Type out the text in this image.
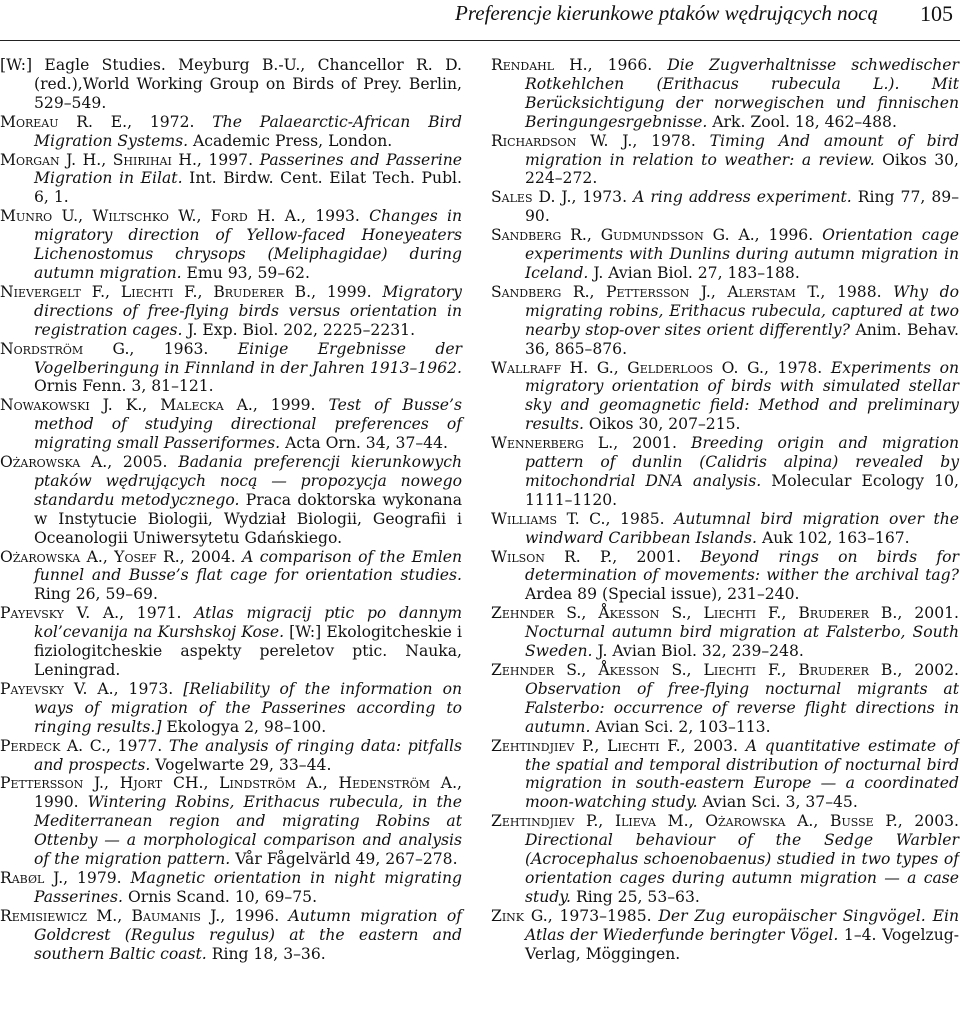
Preferencje kierunkowe ptaków wędrujących nocą 105

[W:] Eagle Studies. Meyburg B.-U., Chancellor R. D. (red.),World Working Group on Birds of Prey. Berlin, 529–549.

Moreau R. E., 1972. The Palaearctic-African Bird Migration Systems. Academic Press, London.

Morgan J. H., Shirihai H., 1997. Passerines and Passerine Migration in Eilat. Int. Birdw. Cent. Eilat Tech. Publ. 6, 1.

Munro U., Wiltschko W., Ford H. A., 1993. Changes in migratory direction of Yellow-faced Honeyeaters Lichenostomus chrysops (Meliphagidae) during autumn migration. Emu 93, 59–62.

Nievergelt F., Liechti F., Bruderer B., 1999. Migratory directions of free-flying birds versus orientation in registration cages. J. Exp. Biol. 202, 2225–2231.

Nordström G., 1963. Einige Ergebnisse der Vogelberingung in Finnland in der Jahren 1913–1962. Ornis Fenn. 3, 81–121.

Nowakowski J. K., Malecka A., 1999. Test of Busse’s method of studying directional preferences of migrating small Passeriformes. Acta Orn. 34, 37–44.

Ożarowska A., 2005. Badania preferencji kierunkowych ptaków wędrujących nocą — propozycja nowego standardu metodycznego. Praca doktorska wykonana w Instytucie Biologii, Wydział Biologii, Geografii i Oceanologii Uniwersytetu Gdańskiego.

Ożarowska A., Yosef R., 2004. A comparison of the Emlen funnel and Busse’s flat cage for orientation studies. Ring 26, 59–69.

Payevsky V. A., 1971. Atlas migracij ptic po dannym kol’cevanija na Kurshskoj Kose. [W:] Ekologitcheskie i fiziologitcheskie aspekty pereletov ptic. Nauka, Leningrad.

Payevsky V. A., 1973. [Reliability of the information on ways of migration of the Passerines according to ringing results.] Ekologya 2, 98–100.

Perdeck A. C., 1977. The analysis of ringing data: pitfalls and prospects. Vogelwarte 29, 33–44.

Pettersson J., Hjort CH., Lindström A., Hedenström A., 1990. Wintering Robins, Erithacus rubecula, in the Mediterranean region and migrating Robins at Ottenby — a morphological comparison and analysis of the migration pattern. Vår Fågelvärld 49, 267–278.

Rabøl J., 1979. Magnetic orientation in night migrating Passerines. Ornis Scand. 10, 69–75.

Remisiewicz M., Baumanis J., 1996. Autumn migration of Goldcrest (Regulus regulus) at the eastern and southern Baltic coast. Ring 18, 3–36.

Rendahl H., 1966. Die Zugverhaltnisse schwedischer Rotkehlchen (Erithacus rubecula L.). Mit Berücksichtigung der norwegischen und finnischen Beringungesrgebnisse. Ark. Zool. 18, 462–488.

Richardson W. J., 1978. Timing And amount of bird migration in relation to weather: a review. Oikos 30, 224–272.

Sales D. J., 1973. A ring address experiment. Ring 77, 89–90.

Sandberg R., Gudmundsson G. A., 1996. Orientation cage experiments with Dunlins during autumn migration in Iceland. J. Avian Biol. 27, 183–188.

Sandberg R., Pettersson J., Alerstam T., 1988. Why do migrating robins, Erithacus rubecula, captured at two nearby stop-over sites orient differently? Anim. Behav. 36, 865–876.

Wallraff H. G., Gelderloos O. G., 1978. Experiments on migratory orientation of birds with simulated stellar sky and geomagnetic field: Method and preliminary results. Oikos 30, 207–215.

Wennerberg L., 2001. Breeding origin and migration pattern of dunlin (Calidris alpina) revealed by mitochondrial DNA analysis. Molecular Ecology 10, 1111–1120.

Williams T. C., 1985. Autumnal bird migration over the windward Caribbean Islands. Auk 102, 163–167.

Wilson R. P., 2001. Beyond rings on birds for determination of movements: wither the archival tag? Ardea 89 (Special issue), 231–240.

Zehnder S., Åkesson S., Liechti F., Bruderer B., 2001. Nocturnal autumn bird migration at Falsterbo, South Sweden. J. Avian Biol. 32, 239–248.

Zehnder S., Åkesson S., Liechti F., Bruderer B., 2002. Observation of free-flying nocturnal migrants at Falsterbo: occurrence of reverse flight directions in autumn. Avian Sci. 2, 103–113.

Zehtindjiev P., Liechti F., 2003. A quantitative estimate of the spatial and temporal distribution of nocturnal bird migration in south-eastern Europe — a coordinated moon-watching study. Avian Sci. 3, 37–45.

Zehtindjiev P., Ilieva M., Ożarowska A., Busse P., 2003. Directional behaviour of the Sedge Warbler (Acrocephalus schoenobaenus) studied in two types of orientation cages during autumn migration — a case study. Ring 25, 53–63.

Zink G., 1973–1985. Der Zug europäischer Singvögel. Ein Atlas der Wiederfunde beringter Vögel. 1–4. Vogelzug-Verlag, Möggingen.
